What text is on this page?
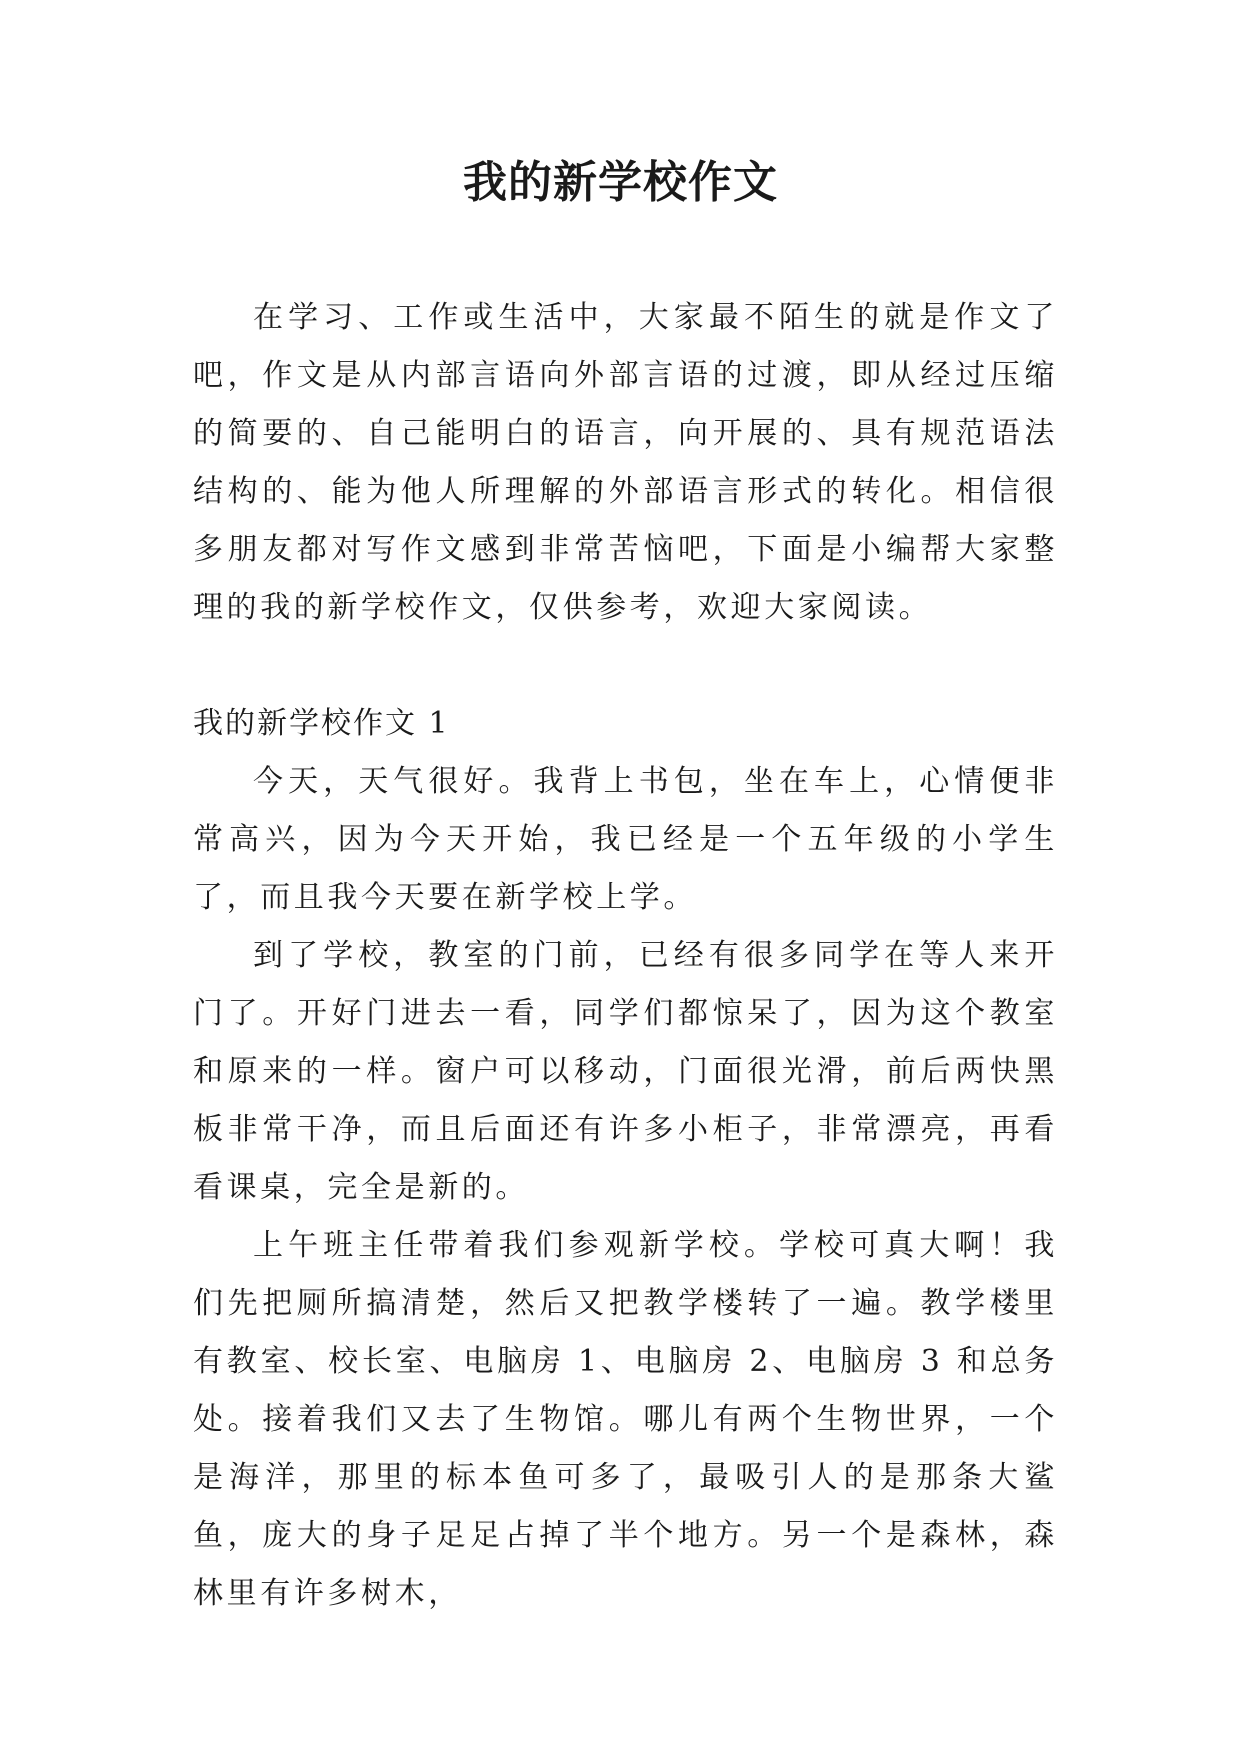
我的新学校作文

在学习、工作或生活中，大家最不陌生的就是作文了吧，作文是从内部言语向外部言语的过渡，即从经过压缩的简要的、自己能明白的语言，向开展的、具有规范语法结构的、能为他人所理解的外部语言形式的转化。相信很多朋友都对写作文感到非常苦恼吧，下面是小编帮大家整理的我的新学校作文，仅供参考，欢迎大家阅读。

我的新学校作文 1

今天，天气很好。我背上书包，坐在车上，心情便非常高兴，因为今天开始，我已经是一个五年级的小学生了，而且我今天要在新学校上学。

到了学校，教室的门前，已经有很多同学在等人来开门了。开好门进去一看，同学们都惊呆了，因为这个教室和原来的一样。窗户可以移动，门面很光滑，前后两快黑板非常干净，而且后面还有许多小柜子，非常漂亮，再看看课桌，完全是新的。

上午班主任带着我们参观新学校。学校可真大啊！我们先把厕所搞清楚，然后又把教学楼转了一遍。教学楼里有教室、校长室、电脑房 1、电脑房 2、电脑房 3 和总务处。接着我们又去了生物馆。哪儿有两个生物世界，一个是海洋，那里的标本鱼可多了，最吸引人的是那条大鲨鱼，庞大的身子足足占掉了半个地方。另一个是森林，森林里有许多树木，
